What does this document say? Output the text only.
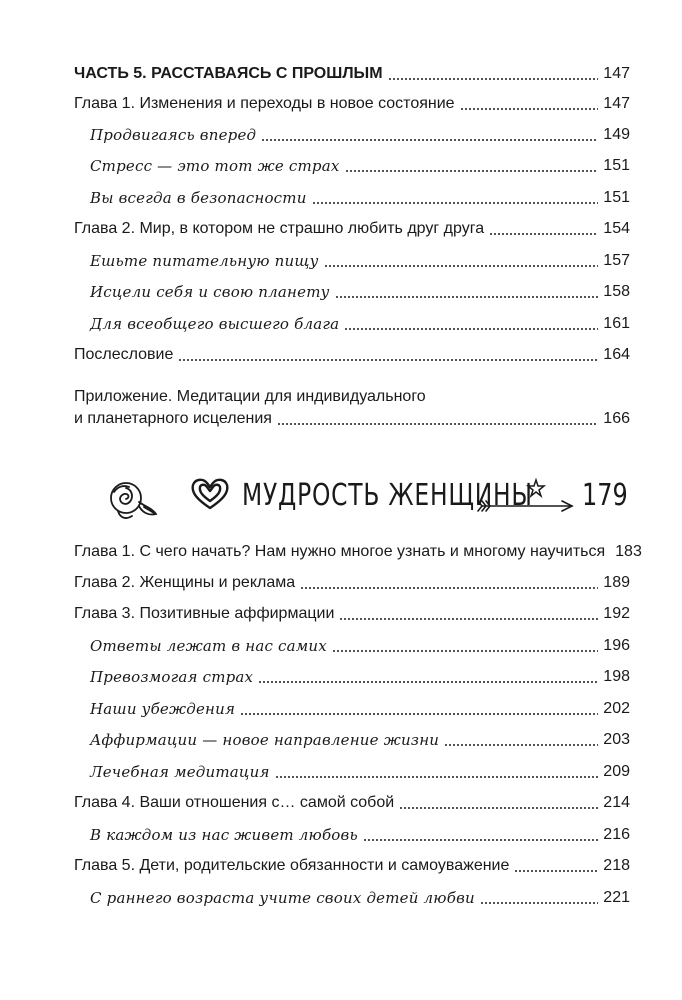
ЧАСТЬ 5. РАССТАВАЯСЬ С ПРОШЛЫМ	147
Глава 1. Изменения и переходы в новое состояние	147
Продвигаясь вперед	149
Стресс — это тот же страх	151
Вы всегда в безопасности	151
Глава 2. Мир, в котором не страшно любить друг друга	154
Ешьте питательную пищу	157
Исцели себя и свою планету	158
Для всеобщего высшего блага	161
Послесловие	164
Приложение. Медитации для индивидуального
и планетарного исцеления	166
МУДРОСТЬ ЖЕНЩИНЫ 179
Глава 1. С чего начать? Нам нужно многое узнать и многому научиться 183
Глава 2. Женщины и реклама	189
Глава 3. Позитивные аффирмации	192
Ответы лежат в нас самих	196
Превозмогая страх	198
Наши убеждения	202
Аффирмации — новое направление жизни	203
Лечебная медитация	209
Глава 4. Ваши отношения с… самой собой	214
В каждом из нас живет любовь	216
Глава 5. Дети, родительские обязанности и самоуважение	218
С раннего возраста учите своих детей любви	221
